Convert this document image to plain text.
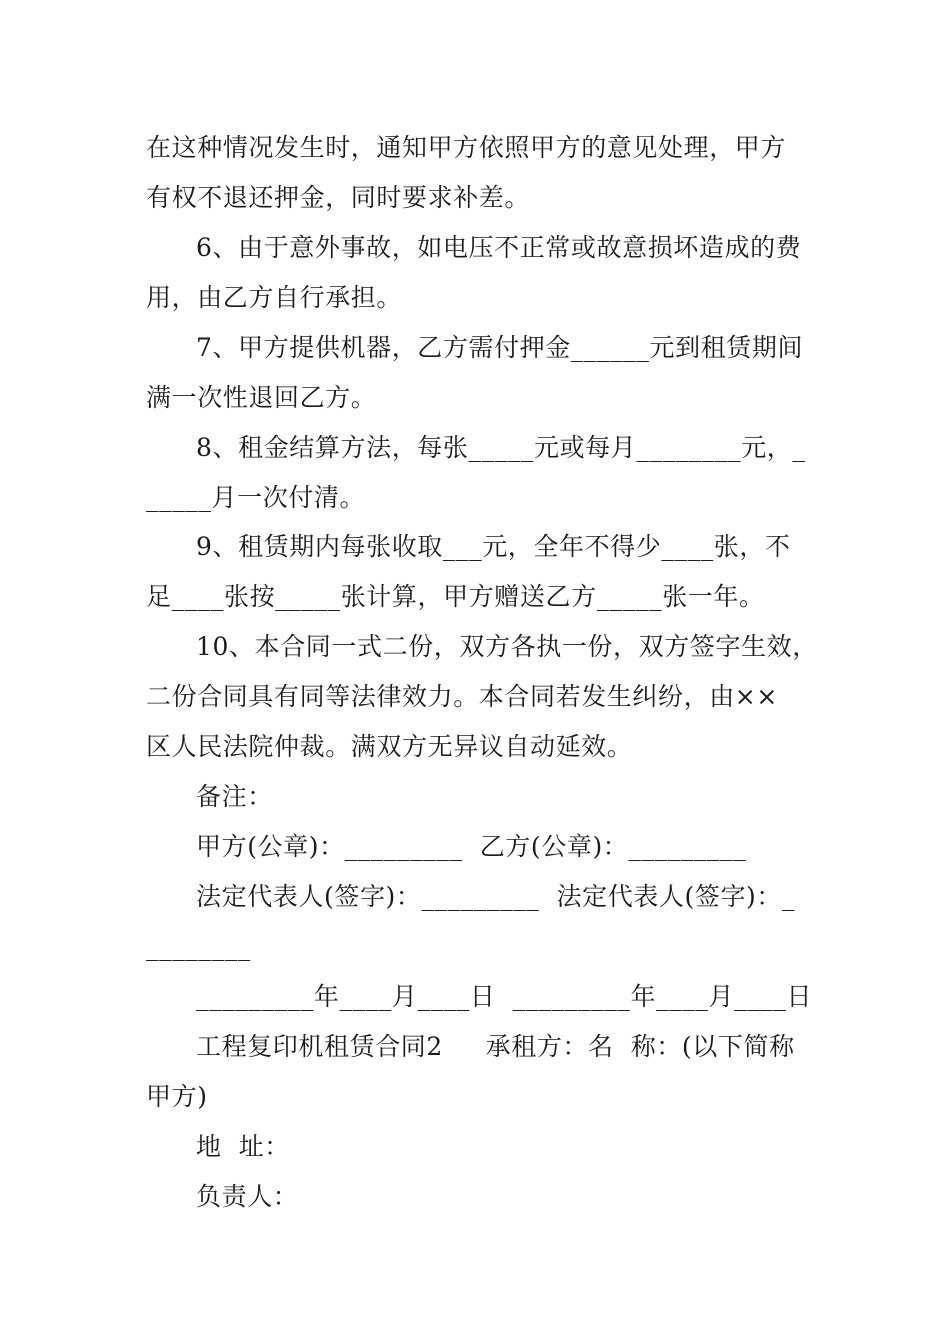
在这种情况发生时，通知甲方依照甲方的意见处理，甲方
有权不退还押金，同时要求补差。
6、由于意外事故，如电压不正常或故意损坏造成的费
用，由乙方自行承担。
7、甲方提供机器，乙方需付押金______元到租赁期间
满一次性退回乙方。
8、租金结算方法，每张_____元或每月________元，_
_____月一次付清。
9、租赁期内每张收取___元，全年不得少____张，不
足____张按_____张计算，甲方赠送乙方_____张一年。
10、本合同一式二份，双方各执一份，双方签字生效，
二份合同具有同等法律效力。本合同若发生纠纷，由××
区人民法院仲裁。满双方无异议自动延效。
备注：
甲方(公章)：_________  乙方(公章)：_________
法定代表人(签字)：_________  法定代表人(签字)：_
________
_________年____月____日  _________年____月____日
工程复印机租赁合同2     承租方：名  称：(以下简称
甲方)
地  址：
负责人：
